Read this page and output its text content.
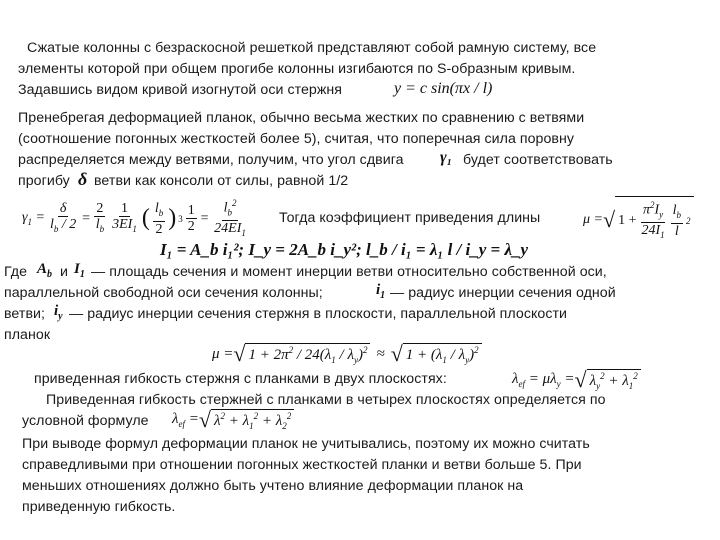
Сжатые колонны с безраскосной решеткой представляют собой рамную систему, все
элементы которой при общем прогибе колонны изгибаются по S-образным кривым.
Задавшись видом кривой изогнутой оси стержня	y = c sin(πx / l)
Пренебрегая деформацией планок, обычно весьма жестких по сравнению с ветвями
(соотношение погонных жесткостей более 5), считая, что поперечная сила поровну
распределяется между ветвями, получим, что угол сдвига γ₁ будет соответствовать
прогибу δ ветви как консоли от силы, равной 1/2
$\gamma_1 = \frac{\delta}{l_b / 2} = \frac{2}{l_b} \frac{1}{3EI_1}$ ( $\frac{l_b}{2}$ ) $3 \frac{1}{2} = \frac{l_b^2}{24EI_1}$ Тогда коэффициент приведения длины	μ = √ $1 + \frac{\pi^2I_y}{24I_1} \frac{l_b}{l} 2$
I₁ = A_b i₁²; I_y = 2A_b i_y²; l_b / i₁ = λ₁ l / i_y = λ_y
Где $A_b$ и $I_1$ — площадь сечения и момент инерции ветви относительно собственной оси,
параллельной свободной оси сечения колонны;	$i_1$ — радиус инерции сечения одной
ветви; $i_y$ — радиус инерции сечения стержня в плоскости, параллельной плоскости
планок
μ = √ $1 + 2\pi^2 / 24(\lambda_1 / \lambda_y)^2$ ≈ √ $1 + (\lambda_1 / \lambda_y)^2$
приведенная гибкость стержня с планками в двух плоскостях:	$\lambda_{ef} = \mu\lambda_y$ = √ $\lambda_y^2 + \lambda_1^2$
Приведенная гибкость стержней с планками в четырех плоскостях определяется по
условной формуле $\lambda_{ef}$ = √ $\lambda^2 + \lambda_1^2 + \lambda_2^2$
При выводе формул деформации планок не учитывались, поэтому их можно считать
справедливыми при отношении погонных жесткостей планки и ветви больше 5. При
меньших отношениях должно быть учтено влияние деформации планок на
приведенную гибкость.
